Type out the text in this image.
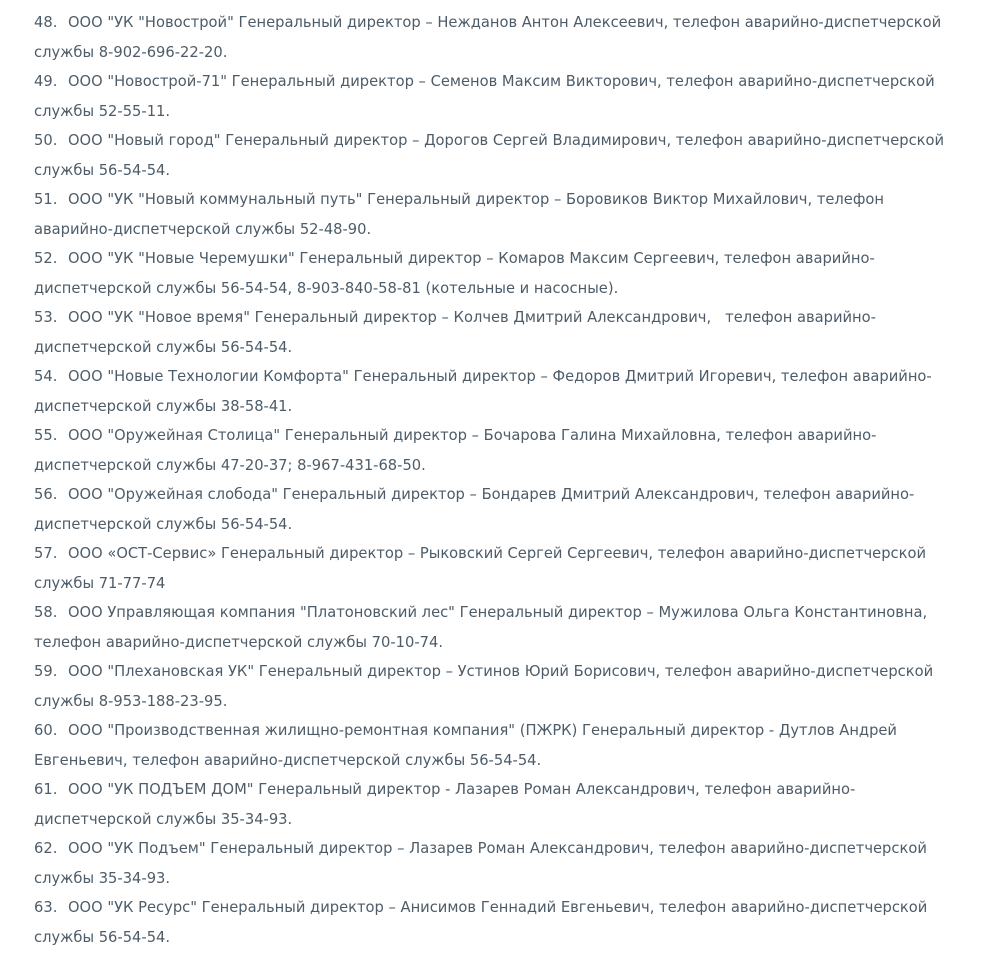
48. ООО "УК "Новострой" Генеральный директор – Нежданов Антон Алексеевич, телефон аварийно-диспетчерской службы 8-902-696-22-20.

49. ООО "Новострой-71" Генеральный директор – Семенов Максим Викторович, телефон аварийно-диспетчерской службы 52-55-11.

50. ООО "Новый город" Генеральный директор – Дорогов Сергей Владимирович, телефон аварийно-диспетчерской службы 56-54-54.

51. ООО "УК "Новый коммунальный путь" Генеральный директор – Боровиков Виктор Михайлович, телефон аварийно-диспетчерской службы 52-48-90.

52. ООО "УК "Новые Черемушки" Генеральный директор – Комаров Максим Сергеевич, телефон аварийно-диспетчерской службы 56-54-54, 8-903-840-58-81 (котельные и насосные).

53. ООО "УК "Новое время" Генеральный директор – Колчев Дмитрий Александрович,   телефон аварийно-диспетчерской службы 56-54-54.

54. ООО "Новые Технологии Комфорта" Генеральный директор – Федоров Дмитрий Игоревич, телефон аварийно-диспетчерской службы 38-58-41.

55. ООО "Оружейная Столица" Генеральный директор – Бочарова Галина Михайловна, телефон аварийно-диспетчерской службы 47-20-37; 8-967-431-68-50.

56. ООО "Оружейная слобода" Генеральный директор – Бондарев Дмитрий Александрович, телефон аварийно-диспетчерской службы 56-54-54.

57. ООО «ОСТ-Сервис» Генеральный директор – Рыковский Сергей Сергеевич, телефон аварийно-диспетчерской службы 71-77-74

58. ООО Управляющая компания "Платоновский лес" Генеральный директор – Мужилова Ольга Константиновна, телефон аварийно-диспетчерской службы 70-10-74.

59. ООО "Плехановская УК" Генеральный директор – Устинов Юрий Борисович, телефон аварийно-диспетчерской службы 8-953-188-23-95.

60. ООО "Производственная жилищно-ремонтная компания" (ПЖРК) Генеральный директор - Дутлов Андрей Евгеньевич, телефон аварийно-диспетчерской службы 56-54-54.

61. ООО "УК ПОДЪЕМ ДОМ" Генеральный директор - Лазарев Роман Александрович, телефон аварийно-диспетчерской службы 35-34-93.

62. ООО "УК Подъем" Генеральный директор – Лазарев Роман Александрович, телефон аварийно-диспетчерской службы 35-34-93.

63. ООО "УК Ресурс" Генеральный директор – Анисимов Геннадий Евгеньевич, телефон аварийно-диспетчерской службы 56-54-54.
